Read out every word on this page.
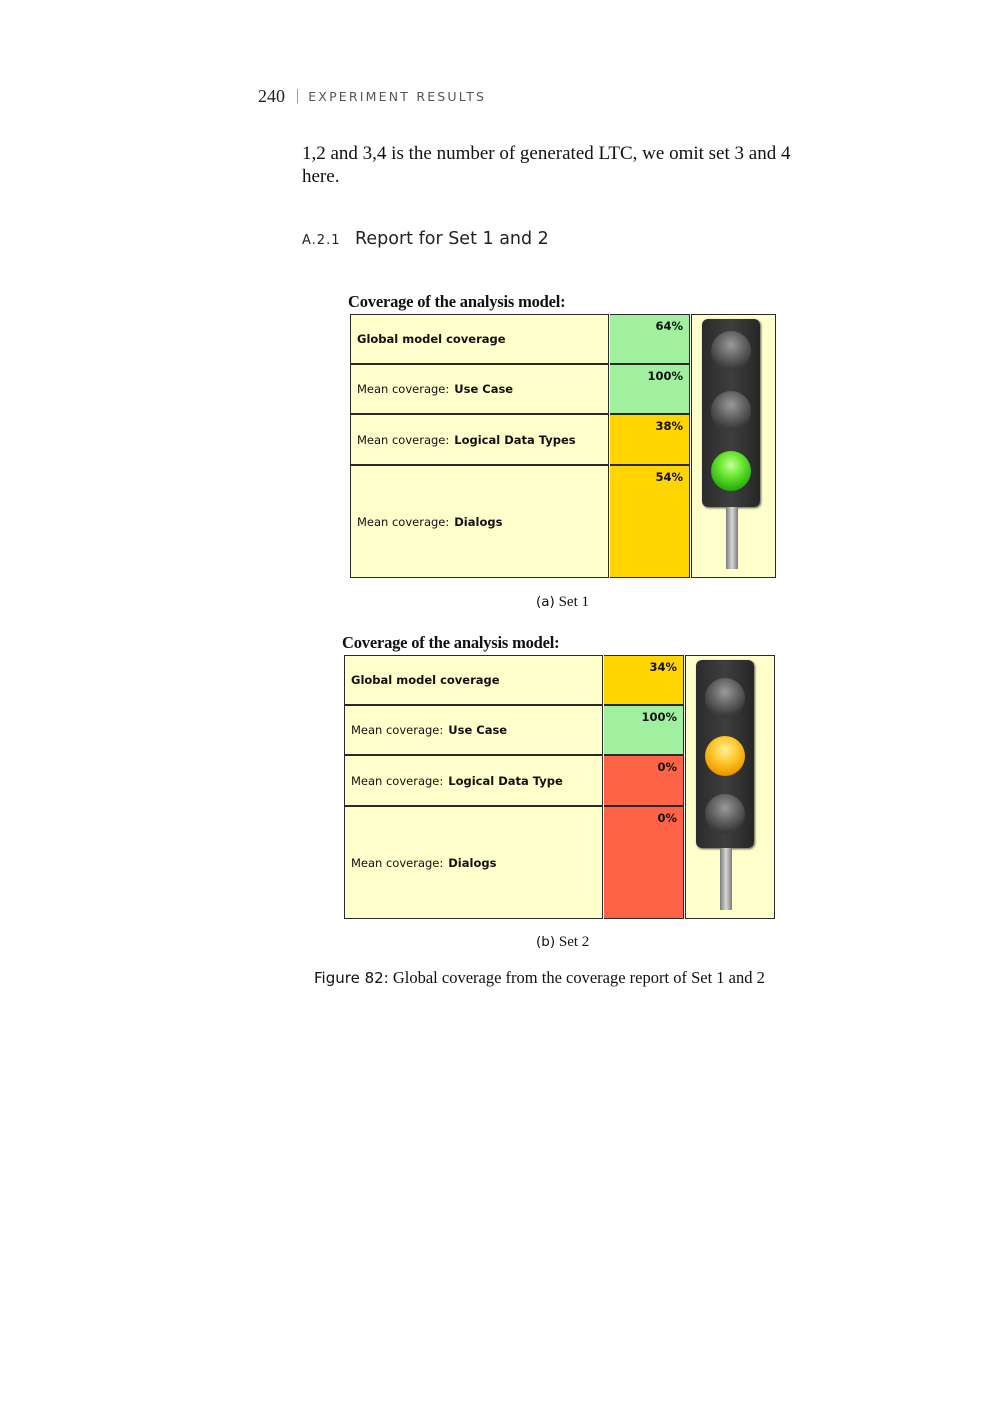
240 | EXPERIMENT RESULTS
1,2 and 3,4 is the number of generated LTC, we omit set 3 and 4 here.
A.2.1 Report for Set 1 and 2
Coverage of the analysis model:
Global model coverage
64%
Mean coverage: Use Case
100%
Mean coverage: Logical Data Types
38%
Mean coverage: Dialogs
54%
(a) Set 1
Coverage of the analysis model:
Global model coverage
34%
Mean coverage: Use Case
100%
Mean coverage: Logical Data Type
0%
Mean coverage: Dialogs
0%
(b) Set 2
Figure 82: Global coverage from the coverage report of Set 1 and 2
